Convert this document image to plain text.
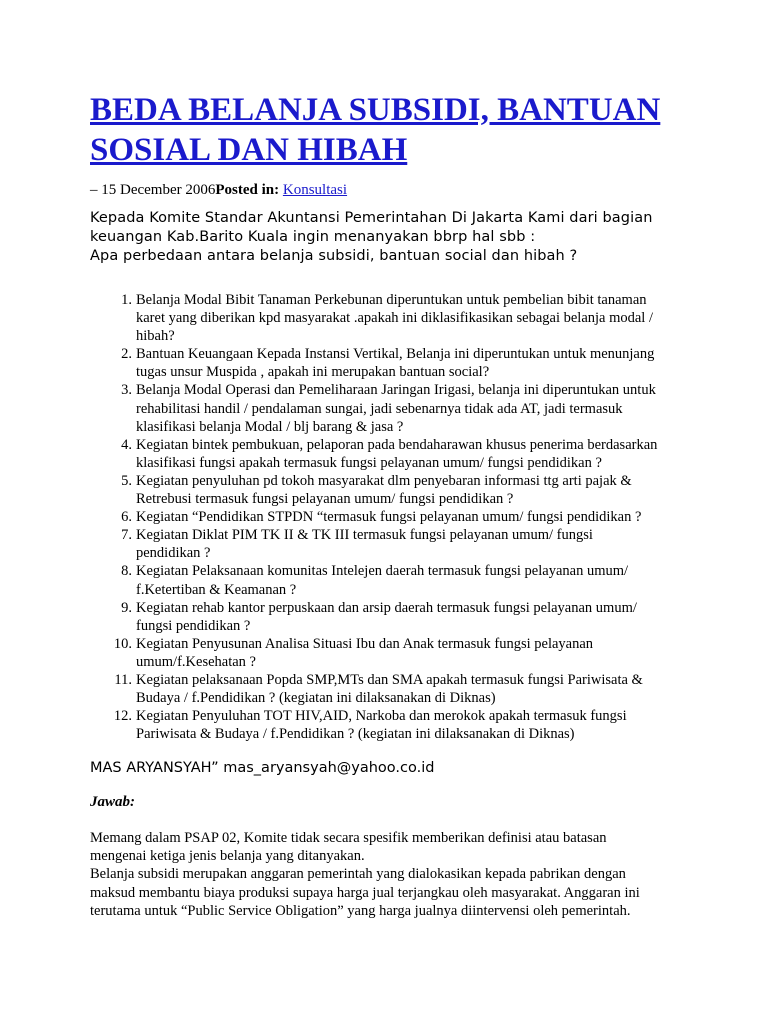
BEDA BELANJA SUBSIDI, BANTUAN
SOSIAL DAN HIBAH
– 15 December 2006Posted in: Konsultasi
Kepada Komite Standar Akuntansi Pemerintahan Di Jakarta Kami dari bagian
keuangan Kab.Barito Kuala ingin menanyakan bbrp hal sbb :
Apa perbedaan antara belanja subsidi, bantuan social dan hibah ?
1. Belanja Modal Bibit Tanaman Perkebunan diperuntukan untuk pembelian bibit tanaman
karet yang diberikan kpd masyarakat .apakah ini diklasifikasikan sebagai belanja modal /
hibah?
2. Bantuan Keuangaan Kepada Instansi Vertikal, Belanja ini diperuntukan untuk menunjang
tugas unsur Muspida , apakah ini merupakan bantuan social?
3. Belanja Modal Operasi dan Pemeliharaan Jaringan Irigasi, belanja ini diperuntukan untuk
rehabilitasi handil / pendalaman sungai, jadi sebenarnya tidak ada AT, jadi termasuk
klasifikasi belanja Modal / blj barang & jasa ?
4. Kegiatan bintek pembukuan, pelaporan pada bendaharawan khusus penerima berdasarkan
klasifikasi fungsi apakah termasuk fungsi pelayanan umum/ fungsi pendidikan ?
5. Kegiatan penyuluhan pd tokoh masyarakat dlm penyebaran informasi ttg arti pajak &
Retrebusi termasuk fungsi pelayanan umum/ fungsi pendidikan ?
6. Kegiatan “Pendidikan STPDN “termasuk fungsi pelayanan umum/ fungsi pendidikan ?
7. Kegiatan Diklat PIM TK II & TK III termasuk fungsi pelayanan umum/ fungsi
pendidikan ?
8. Kegiatan Pelaksanaan komunitas Intelejen daerah termasuk fungsi pelayanan umum/
f.Ketertiban & Keamanan ?
9. Kegiatan rehab kantor perpuskaan dan arsip daerah termasuk fungsi pelayanan umum/
fungsi pendidikan ?
10. Kegiatan Penyusunan Analisa Situasi Ibu dan Anak termasuk fungsi pelayanan
umum/f.Kesehatan ?
11. Kegiatan pelaksanaan Popda SMP,MTs dan SMA apakah termasuk fungsi Pariwisata &
Budaya / f.Pendidikan ? (kegiatan ini dilaksanakan di Diknas)
12. Kegiatan Penyuluhan TOT HIV,AID, Narkoba dan merokok apakah termasuk fungsi
Pariwisata & Budaya / f.Pendidikan ? (kegiatan ini dilaksanakan di Diknas)
MAS ARYANSYAH” mas_aryansyah@yahoo.co.id
Jawab:
Memang dalam PSAP 02, Komite tidak secara spesifik memberikan definisi atau batasan
mengenai ketiga jenis belanja yang ditanyakan.
Belanja subsidi merupakan anggaran pemerintah yang dialokasikan kepada pabrikan dengan
maksud membantu biaya produksi supaya harga jual terjangkau oleh masyarakat. Anggaran ini
terutama untuk “Public Service Obligation” yang harga jualnya diintervensi oleh pemerintah.
